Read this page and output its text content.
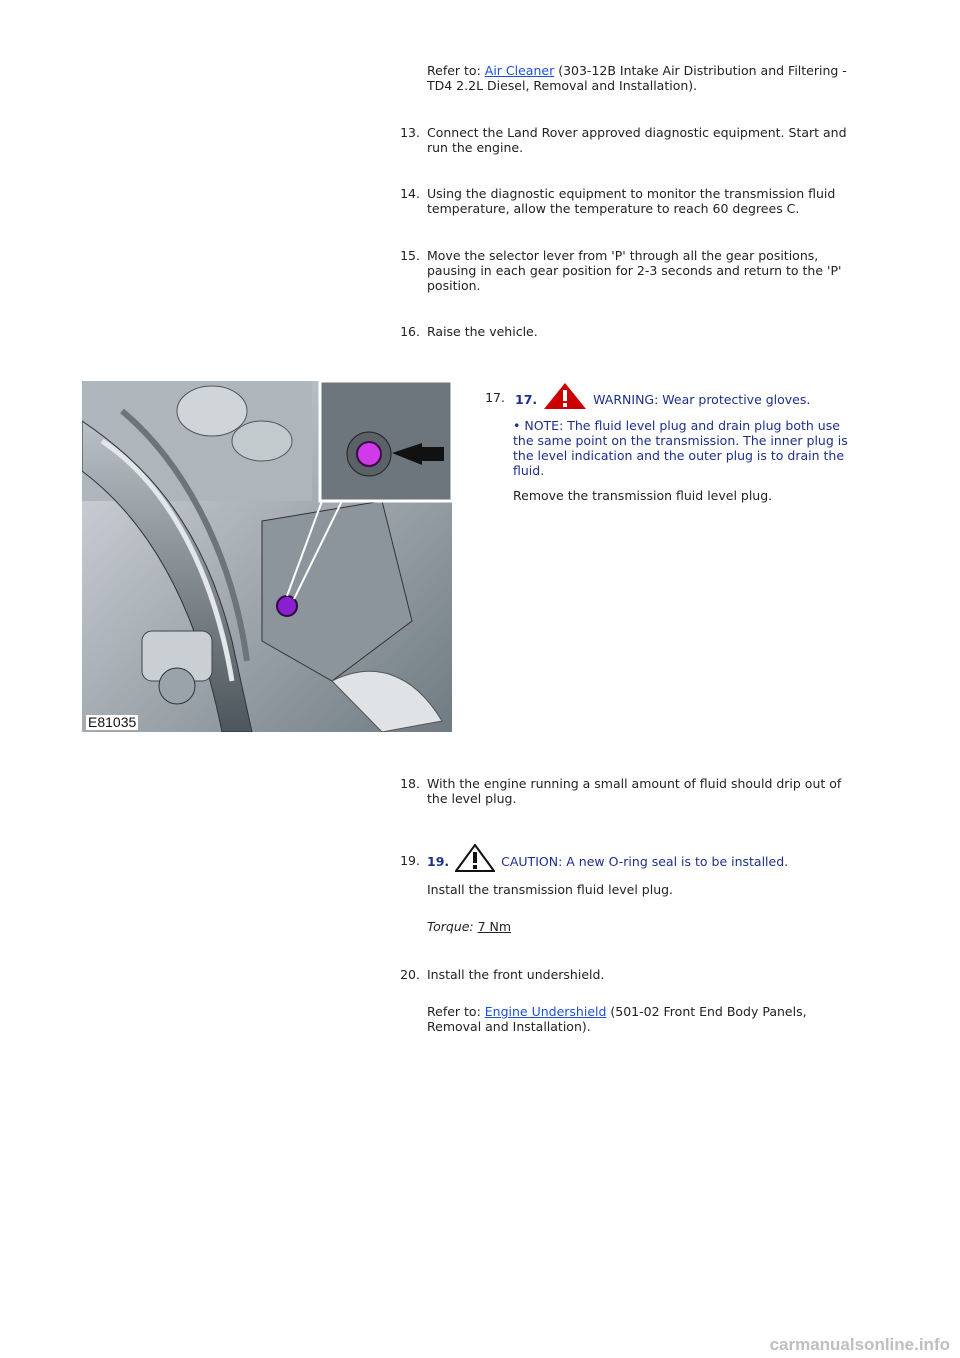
Refer to: Air Cleaner (303-12B Intake Air Distribution and Filtering -
TD4 2.2L Diesel, Removal and Installation).
13. Connect the Land Rover approved diagnostic equipment. Start and
run the engine.
14. Using the diagnostic equipment to monitor the transmission fluid
temperature, allow the temperature to reach 60 degrees C.
15. Move the selector lever from 'P' through all the gear positions,
pausing in each gear position for 2-3 seconds and return to the 'P'
position.
16. Raise the vehicle.
E81035
17. 17.	WARNING: Wear protective gloves.
• NOTE: The fluid level plug and drain plug both use
the same point on the transmission. The inner plug is
the level indication and the outer plug is to drain the
fluid.
Remove the transmission fluid level plug.
18. With the engine running a small amount of fluid should drip out of
the level plug.
19. 19.	CAUTION: A new O-ring seal is to be installed.
Install the transmission fluid level plug.
Torque: 7 Nm
20. Install the front undershield.
Refer to: Engine Undershield (501-02 Front End Body Panels,
Removal and Installation).
carmanualsonline.info
